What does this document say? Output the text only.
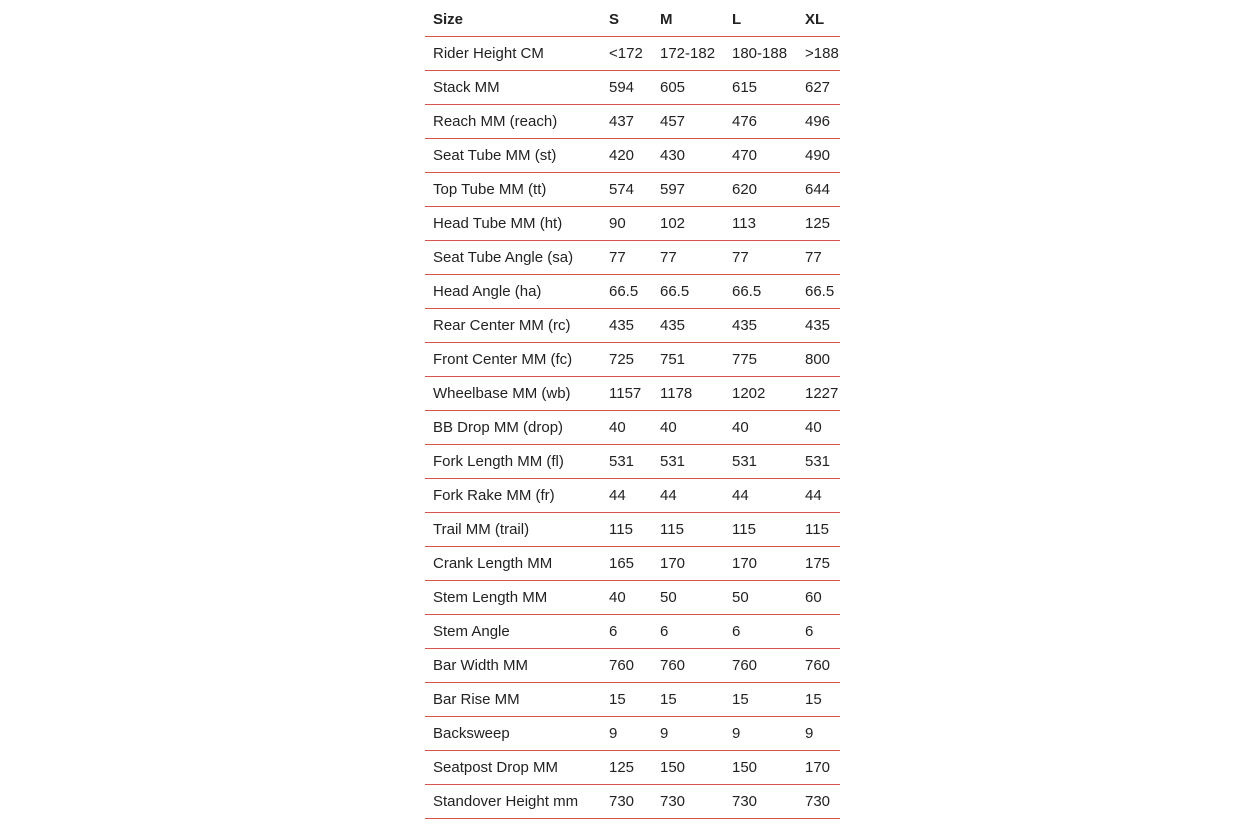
Size	S	M	L	XL
Rider Height CM	<172	172-182	180-188	>188
Stack MM	594	605	615	627
Reach MM (reach)	437	457	476	496
Seat Tube MM (st)	420	430	470	490
Top Tube MM (tt)	574	597	620	644
Head Tube MM (ht)	90	102	113	125
Seat Tube Angle (sa)	77	77	77	77
Head Angle (ha)	66.5	66.5	66.5	66.5
Rear Center MM (rc)	435	435	435	435
Front Center MM (fc)	725	751	775	800
Wheelbase MM (wb)	1157	1178	1202	1227
BB Drop MM (drop)	40	40	40	40
Fork Length MM (fl)	531	531	531	531
Fork Rake MM (fr)	44	44	44	44
Trail MM (trail)	115	115	115	115
Crank Length MM	165	170	170	175
Stem Length MM	40	50	50	60
Stem Angle	6	6	6	6
Bar Width MM	760	760	760	760
Bar Rise MM	15	15	15	15
Backsweep	9	9	9	9
Seatpost Drop MM	125	150	150	170
Standover Height mm	730	730	730	730
